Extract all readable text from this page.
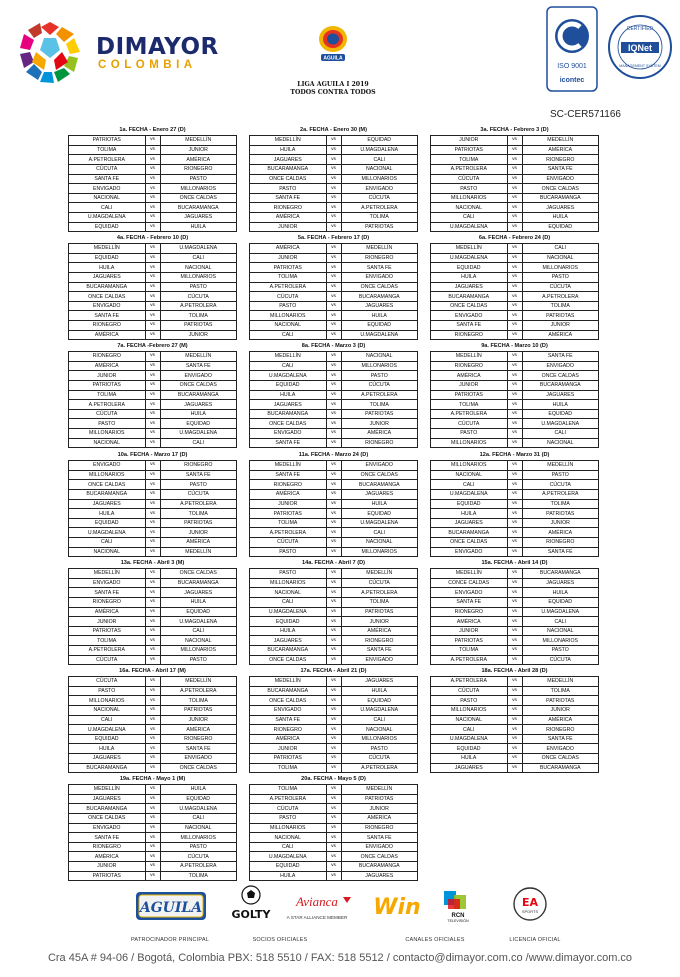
DIMAYOR
COLOMBIA
AGUILA
LIGA AGUILA I 2019
TODOS CONTRA TODOS
ISO 9001
icontec
CERTIFIED
IQNet
MANAGEMENT SYSTEM
SC-CER571166
1a. FECHA - Enero 27 (D)
PATRIOTAS	vs	MEDELLÍN
TOLIMA	vs	JUNIOR
A.PETROLERA	vs	AMÉRICA
CÚCUTA	vs	RIONEGRO
SANTA FE	vs	PASTO
ENVIGADO	vs	MILLONARIOS
NACIONAL	vs	ONCE CALDAS
CALI	vs	BUCARAMANGA
U.MAGDALENA	vs	JAGUARES
EQUIDAD	vs	HUILA
2a. FECHA - Enero 30 (M)
MEDELLÍN	vs	EQUIDAD
HUILA	vs	U.MAGDALENA
JAGUARES	vs	CALI
BUCARAMANGA	vs	NACIONAL
ONCE CALDAS	vs	MILLONARIOS
PASTO	vs	ENVIGADO
SANTA FE	vs	CÚCUTA
RIONEGRO	vs	A.PETROLERA
AMÉRICA	vs	TOLIMA
JUNIOR	vs	PATRIOTAS
3a. FECHA - Febrero 3 (D)
JUNIOR	vs	MEDELLÍN
PATRIOTAS	vs	AMÉRICA
TOLIMA	vs	RIONEGRO
A.PETROLERA	vs	SANTA FE
CÚCUTA	vs	ENVIGADO
PASTO	vs	ONCE CALDAS
MILLONARIOS	vs	BUCARAMANGA
NACIONAL	vs	JAGUARES
CALI	vs	HUILA
U.MAGDALENA	vs	EQUIDAD
4a. FECHA - Febrero 10 (D)
MEDELLÍN	vs	U.MAGDALENA
EQUIDAD	vs	CALI
HUILA	vs	NACIONAL
JAGUARES	vs	MILLONARIOS
BUCARAMANGA	vs	PASTO
ONCE CALDAS	vs	CÚCUTA
ENVIGADO	vs	A.PETROLERA
SANTA FE	vs	TOLIMA
RIONEGRO	vs	PATRIOTAS
AMÉRICA	vs	JUNIOR
5a. FECHA - Febrero 17 (D)
AMÉRICA	vs	MEDELLÍN
JUNIOR	vs	RIONEGRO
PATRIOTAS	vs	SANTA FE
TOLIMA	vs	ENVIGADO
A.PETROLERA	vs	ONCE CALDAS
CÚCUTA	vs	BUCARAMANGA
PASTO	vs	JAGUARES
MILLONARIOS	vs	HUILA
NACIONAL	vs	EQUIDAD
CALI	vs	U.MAGDALENA
6a. FECHA - Febrero 24 (D)
MEDELLÍN	vs	CALI
U.MAGDALENA	vs	NACIONAL
EQUIDAD	vs	MILLONARIOS
HUILA	vs	PASTO
JAGUARES	vs	CÚCUTA
BUCARAMANGA	vs	A.PETROLERA
ONCE CALDAS	vs	TOLIMA
ENVIGADO	vs	PATRIOTAS
SANTA FE	vs	JUNIOR
RIONEGRO	vs	AMÉRICA
7a. FECHA -Febrero 27 (M)
RIONEGRO	vs	MEDELLÍN
AMÉRICA	vs	SANTA FE
JUNIOR	vs	ENVIGADO
PATRIOTAS	vs	ONCE CALDAS
TOLIMA	vs	BUCARAMANGA
A.PETROLERA	vs	JAGUARES
CÚCUTA	vs	HUILA
PASTO	vs	EQUIDAD
MILLONARIOS	vs	U.MAGDALENA
NACIONAL	vs	CALI
8a. FECHA - Marzo 3 (D)
MEDELLÍN	vs	NACIONAL
CALI	vs	MILLONARIOS
U.MAGDALENA	vs	PASTO
EQUIDAD	vs	CÚCUTA
HUILA	vs	A.PETROLERA
JAGUARES	vs	TOLIMA
BUCARAMANGA	vs	PATRIOTAS
ONCE CALDAS	vs	JUNIOR
ENVIGADO	vs	AMÉRICA
SANTA FE	vs	RIONEGRO
9a. FECHA - Marzo 10 (D)
MEDELLÍN	vs	SANTA FE
RIONEGRO	vs	ENVIGADO
AMÉRICA	vs	ONCE CALDAS
JUNIOR	vs	BUCARAMANGA
PATRIOTAS	vs	JAGUARES
TOLIMA	vs	HUILA
A.PETROLERA	vs	EQUIDAD
CÚCUTA	vs	U.MAGDALENA
PASTO	vs	CALI
MILLONARIOS	vs	NACIONAL
10a. FECHA - Marzo 17 (D)
ENVIGADO	vs	RIONEGRO
MILLONARIOS	vs	SANTA FE
ONCE CALDAS	vs	PASTO
BUCARAMANGA	vs	CÚCUTA
JAGUARES	vs	A.PETROLERA
HUILA	vs	TOLIMA
EQUIDAD	vs	PATRIOTAS
U.MAGDALENA	vs	JUNIOR
CALI	vs	AMÉRICA
NACIONAL	vs	MEDELLÍN
11a. FECHA - Marzo 24 (D)
MEDELLÍN	vs	ENVIGADO
SANTA FE	vs	ONCE CALDAS
RIONEGRO	vs	BUCARAMANGA
AMÉRICA	vs	JAGUARES
JUNIOR	vs	HUILA
PATRIOTAS	vs	EQUIDAD
TOLIMA	vs	U.MAGDALENA
A.PETROLERA	vs	CALI
CÚCUTA	vs	NACIONAL
PASTO	vs	MILLONARIOS
12a. FECHA - Marzo 31 (D)
MILLONARIOS	vs	MEDELLÍN
NACIONAL	vs	PASTO
CALI	vs	CÚCUTA
U.MAGDALENA	vs	A.PETROLERA
EQUIDAD	vs	TOLIMA
HUILA	vs	PATRIOTAS
JAGUARES	vs	JUNIOR
BUCARAMANGA	vs	AMÉRICA
ONCE CALDAS	vs	RIONEGRO
ENVIGADO	vs	SANTA FE
13a. FECHA - Abril 3 (M)
MEDELLÍN	vs	ONCE CALDAS
ENVIGADO	vs	BUCARAMANGA
SANTA FE	vs	JAGUARES
RIONEGRO	vs	HUILA
AMÉRICA	vs	EQUIDAD
JUNIOR	vs	U.MAGDALENA
PATRIOTAS	vs	CALI
TOLIMA	vs	NACIONAL
A.PETROLERA	vs	MILLONARIOS
CÚCUTA	vs	PASTO
14a. FECHA - Abril 7 (D)
PASTO	vs	MEDELLÍN
MILLONARIOS	vs	CÚCUTA
NACIONAL	vs	A.PETROLERA
CALI	vs	TOLIMA
U.MAGDALENA	vs	PATRIOTAS
EQUIDAD	vs	JUNIOR
HUILA	vs	AMÉRICA
JAGUARES	vs	RIONEGRO
BUCARAMANGA	vs	SANTA FE
ONCE CALDAS	vs	ENVIGADO
15a. FECHA - Abril 14 (D)
MEDELLÍN	vs	BUCARAMANGA
CONCE CALDAS	vs	JAGUARES
ENVIGADO	vs	HUILA
SANTA FE	vs	EQUIDAD
RIONEGRO	vs	U.MAGDALENA
AMÉRICA	vs	CALI
JUNIOR	vs	NACIONAL
PATRIOTAS	vs	MILLONARIOS
TOLIMA	vs	PASTO
A.PETROLERA	vs	CÚCUTA
16a. FECHA - Abril 17 (M)
CÚCUTA	vs	MEDELLÍN
PASTO	vs	A.PETROLERA
MILLONARIOS	vs	TOLIMA
NACIONAL	vs	PATRIOTAS
CALI	vs	JUNIOR
U.MAGDALENA	vs	AMÉRICA
EQUIDAD	vs	RIONEGRO
HUILA	vs	SANTA FE
JAGUARES	vs	ENVIGADO
BUCARAMANGA	vs	ONCE CALDAS
17a. FECHA - Abril 21 (D)
MEDELLÍN	vs	JAGUARES
BUCARAMANGA	vs	HUILA
ONCE CALDAS	vs	EQUIDAD
ENVIGADO	vs	U.MAGDALENA
SANTA FE	vs	CALI
RIONEGRO	vs	NACIONAL
AMÉRICA	vs	MILLONARIOS
JUNIOR	vs	PASTO
PATRIOTAS	vs	CÚCUTA
TOLIMA	vs	A.PETROLERA
18a. FECHA - Abril 28 (D)
A.PETROLERA	vs	MEDELLÍN
CÚCUTA	vs	TOLIMA
PASTO	vs	PATRIOTAS
MILLONARIOS	vs	JUNIOR
NACIONAL	vs	AMÉRICA
CALI	vs	RIONEGRO
U.MAGDALENA	vs	SANTA FE
EQUIDAD	vs	ENVIGADO
HUILA	vs	ONCE CALDAS
JAGUARES	vs	BUCARAMANGA
19a. FECHA - Mayo 1 (M)
MEDELLÍN	vs	HUILA
JAGUARES	vs	EQUIDAD
BUCARAMANGA	vs	U.MAGDALENA
ONCE CALDAS	vs	CALI
ENVIGADO	vs	NACIONAL
SANTA FE	vs	MILLONARIOS
RIONEGRO	vs	PASTO
AMÉRICA	vs	CÚCUTA
JUNIOR	vs	A.PETROLERA
PATRIOTAS	vs	TOLIMA
20a. FECHA - Mayo 5 (D)
TOLIMA	vs	MEDELLÍN
A.PETROLERA	vs	PATRIOTAS
CÚCUTA	vs	JUNIOR
PASTO	vs	AMÉRICA
MILLONARIOS	vs	RIONEGRO
NACIONAL	vs	SANTA FE
CALI	vs	ENVIGADO
U.MAGDALENA	vs	ONCE CALDAS
EQUIDAD	vs	BUCARAMANGA
HUILA	vs	JAGUARES
AGUILA	GOLTY
Avianca
A STAR ALLIANCE MEMBER Win	RCN
TELEVISIÓN
EA
SPORTS
PATROCINADOR PRINCIPAL	SOCIOS OFICIALES	CANALES OFICIALES	LICENCIA OFICIAL
Cra 45A # 94-06 / Bogotá, Colombia PBX: 518 5510 / FAX: 518 5512 / contacto@dimayor.com.co /www.dimayor.com.co
